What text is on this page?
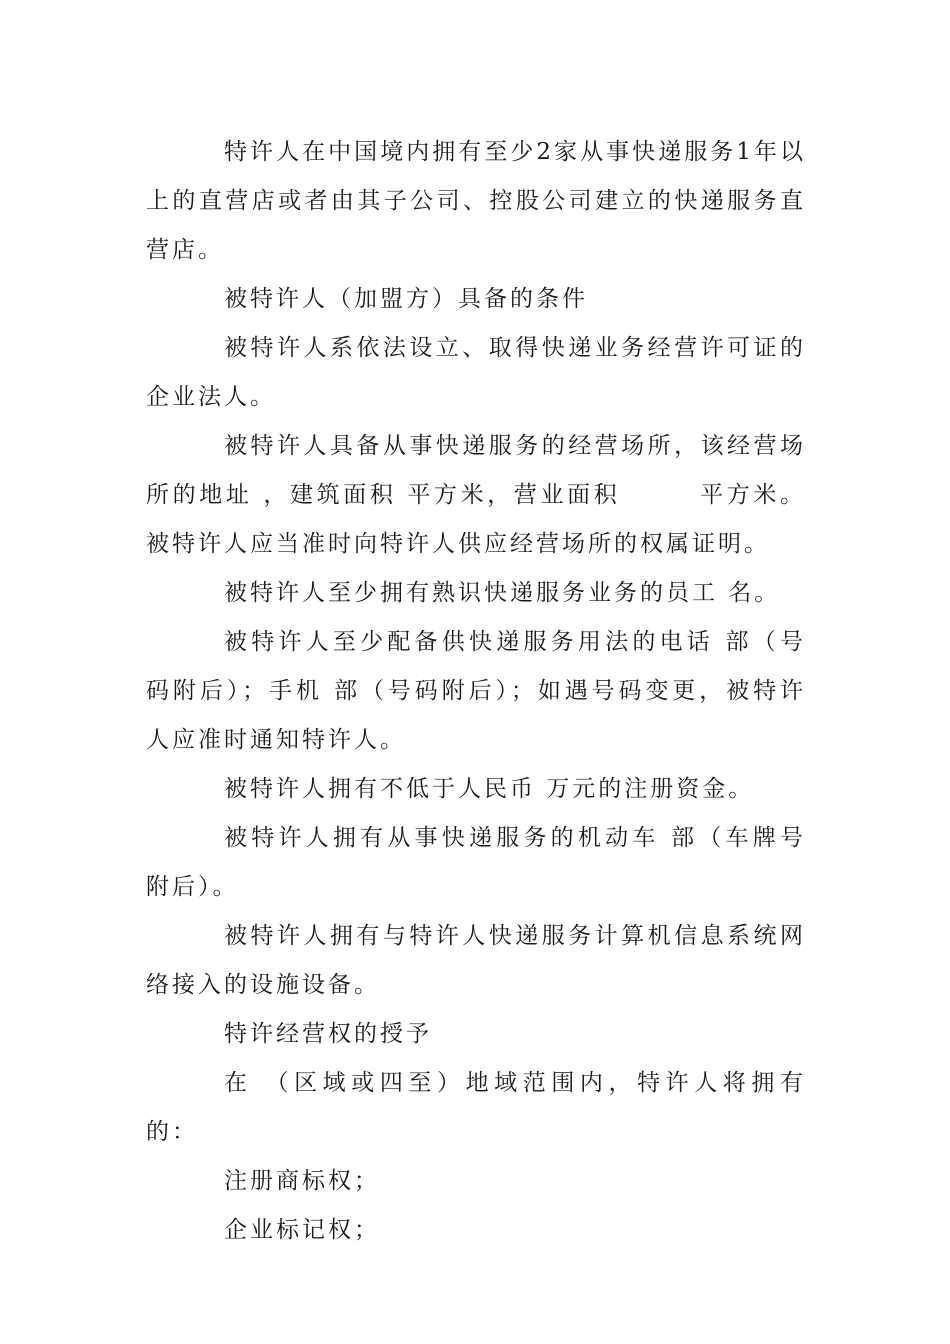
特许人在中国境内拥有至少2家从事快递服务1年以上的直营店或者由其子公司、控股公司建立的快递服务直营店。

被特许人（加盟方）具备的条件

被特许人系依法设立、取得快递业务经营许可证的企业法人。

被特许人具备从事快递服务的经营场所，该经营场所的地址 ，建筑面积 平方米，营业面积　　　平方米。被特许人应当准时向特许人供应经营场所的权属证明。

被特许人至少拥有熟识快递服务业务的员工 名。

被特许人至少配备供快递服务用法的电话 部（号码附后）；手机 部（号码附后）；如遇号码变更，被特许人应准时通知特许人。

被特许人拥有不低于人民币 万元的注册资金。

被特许人拥有从事快递服务的机动车 部（车牌号附后）。

被特许人拥有与特许人快递服务计算机信息系统网络接入的设施设备。

特许经营权的授予

在 （区域或四至）地域范围内，特许人将拥有的：

注册商标权；

企业标记权；
